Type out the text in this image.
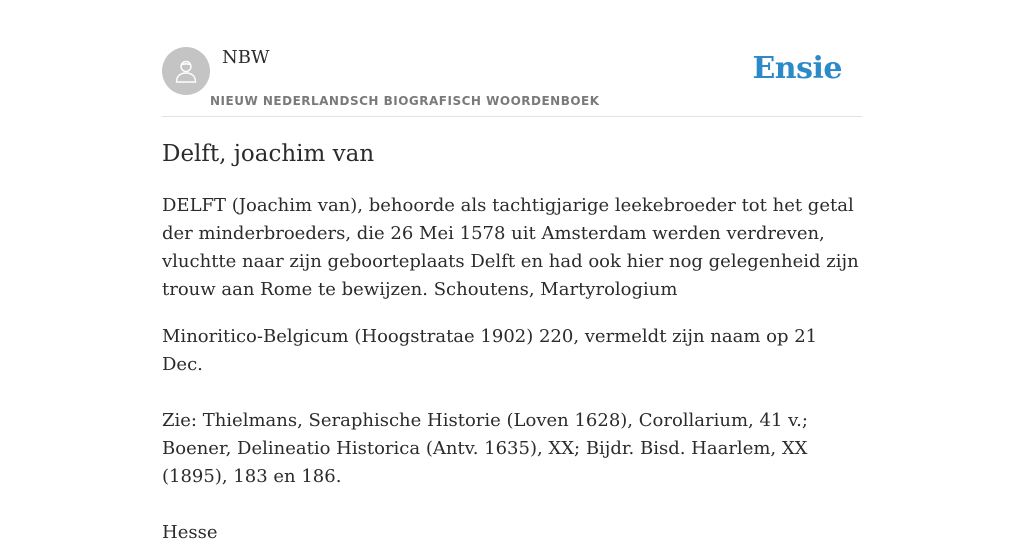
NBW
NIEUW NEDERLANDSCH BIOGRAFISCH WOORDENBOEK
Ensie
Delft, joachim van

DELFT (Joachim van), behoorde als tachtigjarige leekebroeder tot het getal der minderbroeders, die 26 Mei 1578 uit Amsterdam werden verdreven, vluchtte naar zijn geboorteplaats Delft en had ook hier nog gelegenheid zijn trouw aan Rome te bewijzen. Schoutens, Martyrologium

Minoritico-Belgicum (Hoogstratae 1902) 220, vermeldt zijn naam op 21 Dec.

Zie: Thielmans, Seraphische Historie (Loven 1628), Corollarium, 41 v.; Boener, Delineatio Historica (Antv. 1635), XX; Bijdr. Bisd. Haarlem, XX (1895), 183 en 186.

Hesse
